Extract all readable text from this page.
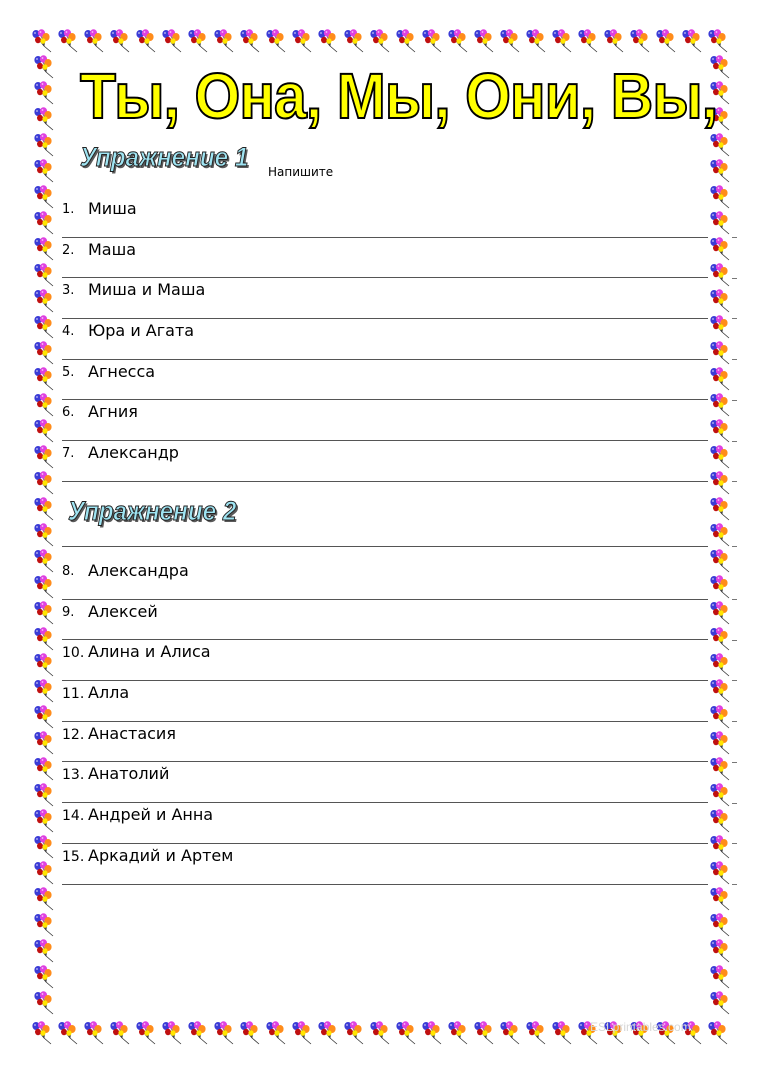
Ты, Она, Мы, Они, Вы,
Упражнение 1 Напишите
1. Миша
2. Маша
3. Миша и Маша
4. Юра и Агата
5. Агнесса
6. Агния
7. Александр
Упражнение 2
8. Александра
9. Алексей
10. Алина и Алиса
11. Алла
12. Анастасия
13. Анатолий
14. Андрей и Анна
15. Аркадий и Артем
ESLprintables.com
